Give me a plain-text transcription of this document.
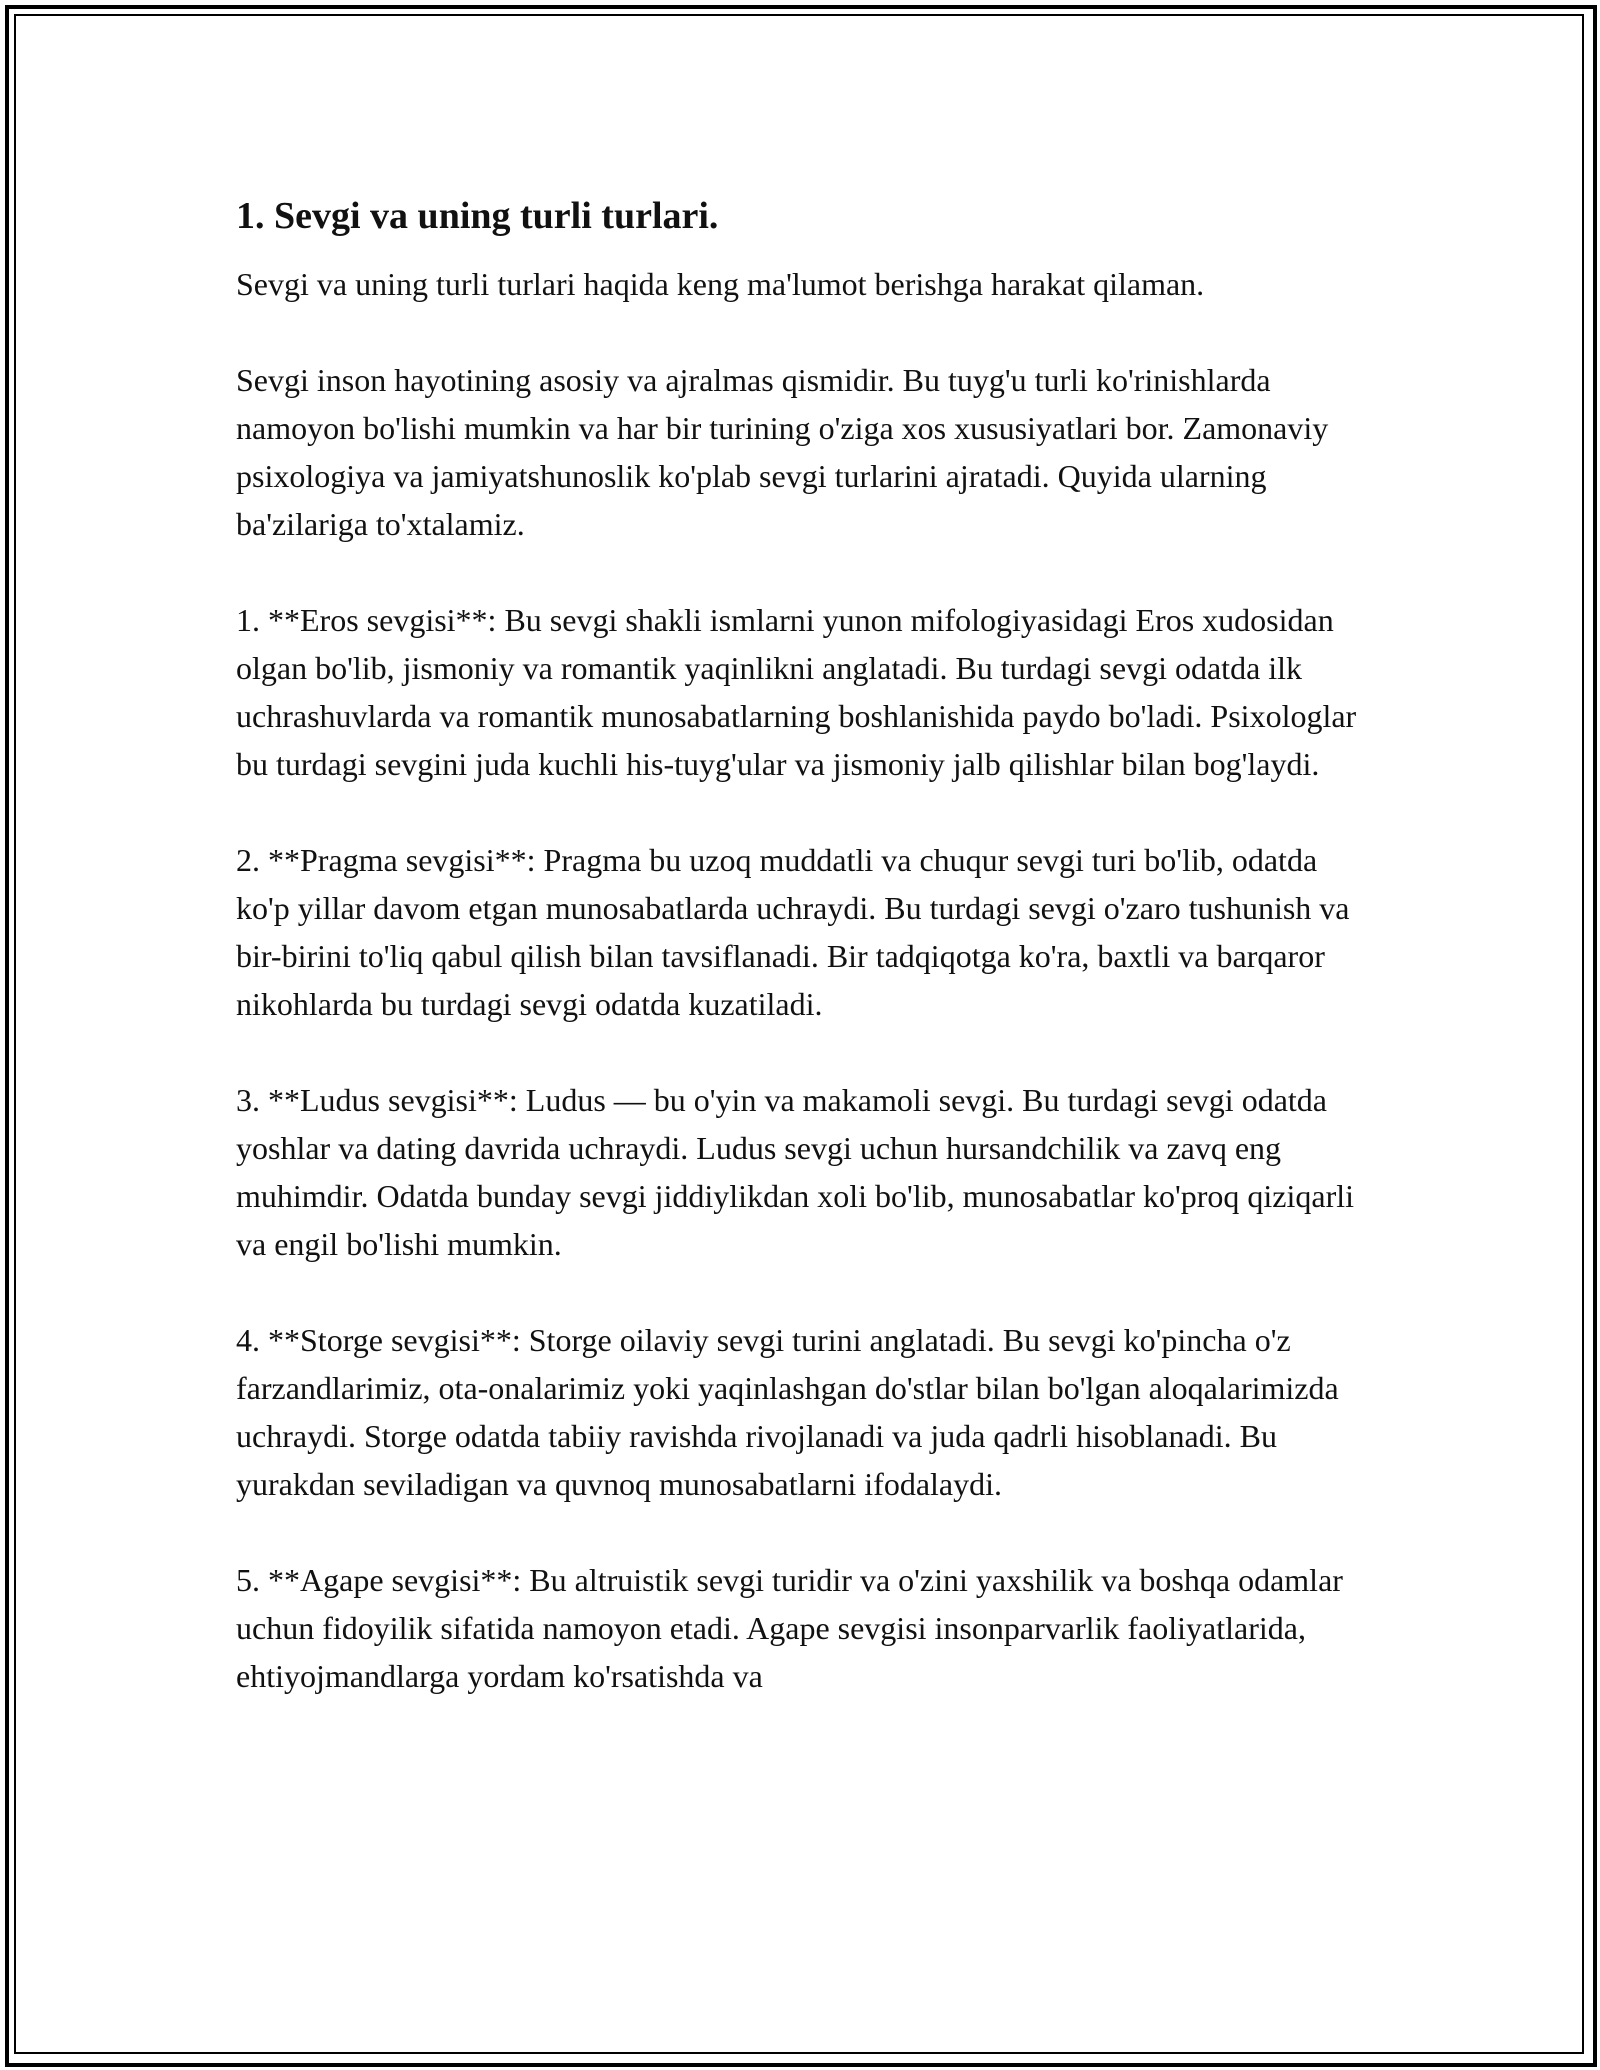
1. Sevgi va uning turli turlari.

Sevgi va uning turli turlari haqida keng ma'lumot berishga harakat qilaman.

Sevgi inson hayotining asosiy va ajralmas qismidir. Bu tuyg'u turli ko'rinishlarda namoyon bo'lishi mumkin va har bir turining o'ziga xos xususiyatlari bor. Zamonaviy psixologiya va jamiyatshunoslik ko'plab sevgi turlarini ajratadi. Quyida ularning ba'zilariga to'xtalamiz.

1. **Eros sevgisi**: Bu sevgi shakli ismlarni yunon mifologiyasidagi Eros xudosidan olgan bo'lib, jismoniy va romantik yaqinlikni anglatadi. Bu turdagi sevgi odatda ilk uchrashuvlarda va romantik munosabatlarning boshlanishida paydo bo'ladi. Psixologlar bu turdagi sevgini juda kuchli his-tuyg'ular va jismoniy jalb qilishlar bilan bog'laydi.

2. **Pragma sevgisi**: Pragma bu uzoq muddatli va chuqur sevgi turi bo'lib, odatda ko'p yillar davom etgan munosabatlarda uchraydi. Bu turdagi sevgi o'zaro tushunish va bir-birini to'liq qabul qilish bilan tavsiflanadi. Bir tadqiqotga ko'ra, baxtli va barqaror nikohlarda bu turdagi sevgi odatda kuzatiladi.

3. **Ludus sevgisi**: Ludus — bu o'yin va makamoli sevgi. Bu turdagi sevgi odatda yoshlar va dating davrida uchraydi. Ludus sevgi uchun hursandchilik va zavq eng muhimdir. Odatda bunday sevgi jiddiylikdan xoli bo'lib, munosabatlar ko'proq qiziqarli va engil bo'lishi mumkin.

4. **Storge sevgisi**: Storge oilaviy sevgi turini anglatadi. Bu sevgi ko'pincha o'z farzandlarimiz, ota-onalarimiz yoki yaqinlashgan do'stlar bilan bo'lgan aloqalarimizda uchraydi. Storge odatda tabiiy ravishda rivojlanadi va juda qadrli hisoblanadi. Bu yurakdan seviladigan va quvnoq munosabatlarni ifodalaydi.

5. **Agape sevgisi**: Bu altruistik sevgi turidir va o'zini yaxshilik va boshqa odamlar uchun fidoyilik sifatida namoyon etadi. Agape sevgisi insonparvarlik faoliyatlarida, ehtiyojmandlarga yordam ko'rsatishda va
